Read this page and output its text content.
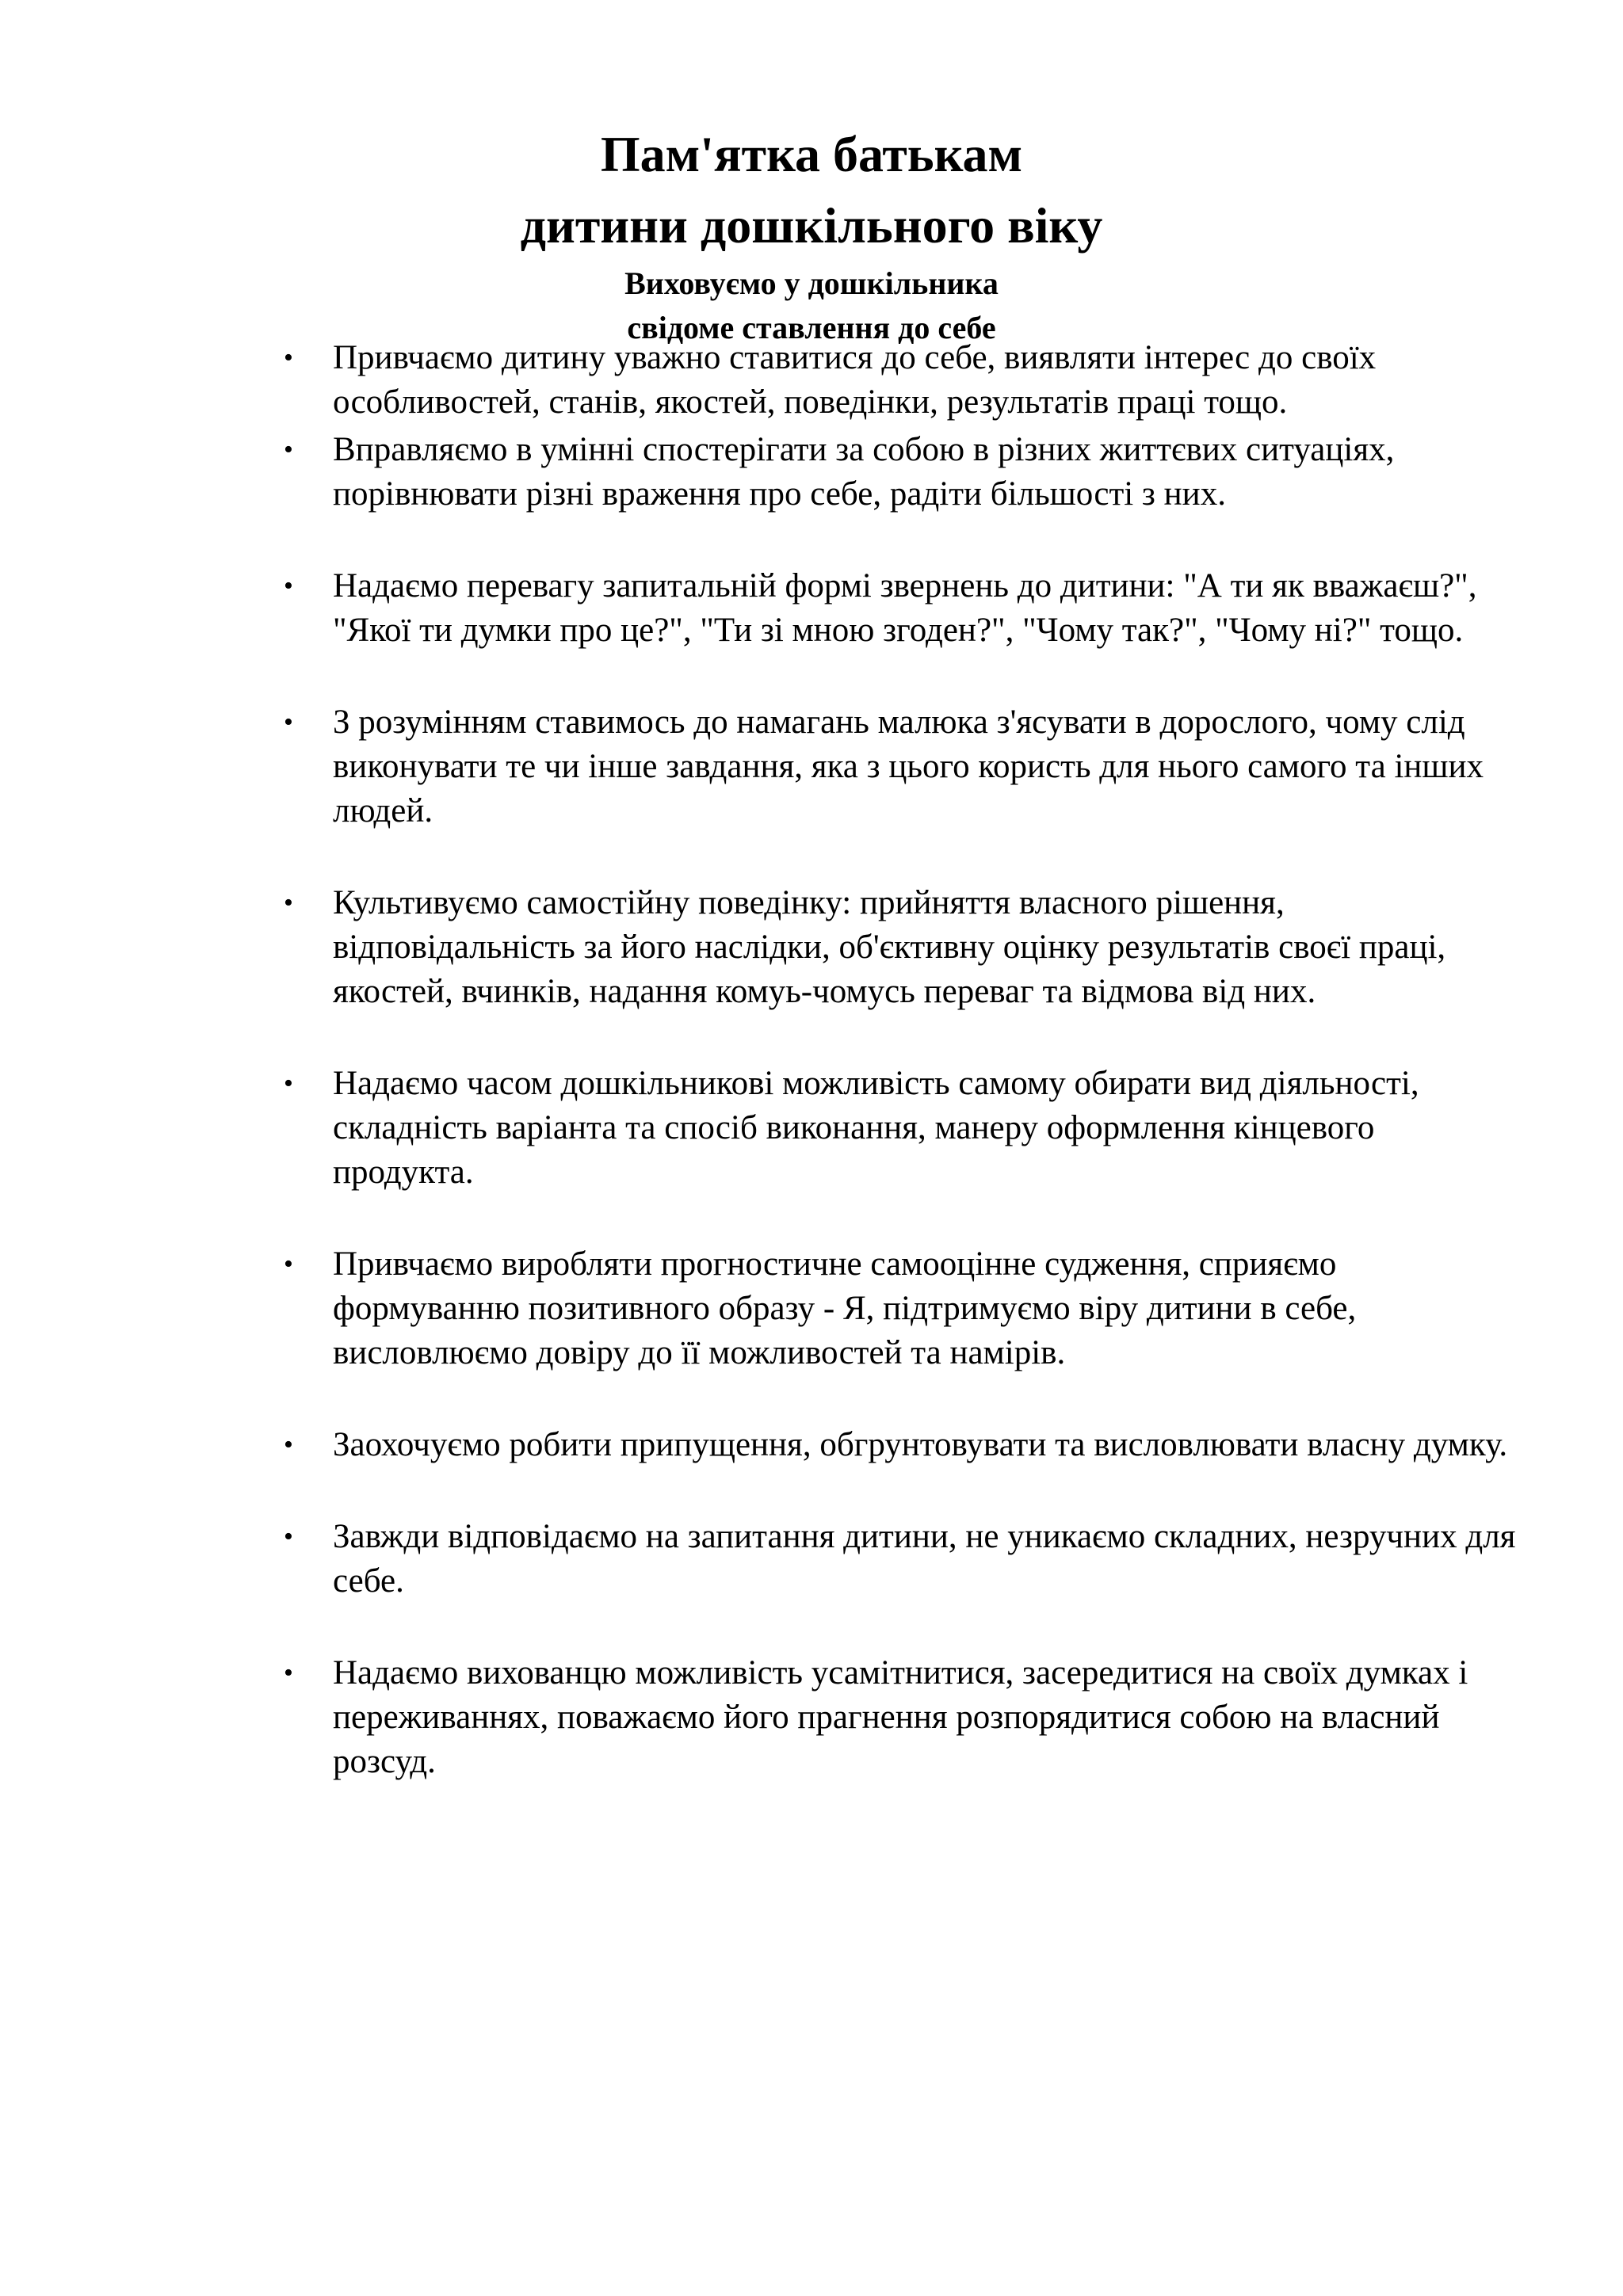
Пам'ятка батькам
дитини дошкільного віку
Виховуємо у дошкільника
свідоме ставлення до себе
• Привчаємо дитину уважно ставитися до себе, виявляти інтерес до своїх особливостей, станів, якостей, поведінки, результатів праці тощо.
• Вправляємо в умінні спостерігати за собою в різних життєвих ситуаціях, порівнювати різні враження про себе, радіти більшості з них.
• Надаємо перевагу запитальній формі звернень до дитини: "А ти як вважаєш?", "Якої ти думки про це?", "Ти зі мною згоден?", "Чому так?", "Чому ні?" тощо.
• З розумінням ставимось до намагань малюка з'ясувати в дорослого, чому слід виконувати те чи інше завдання, яка з цього користь для нього самого та інших людей.
• Культивуємо самостійну поведінку: прийняття власного рішення, відповідальність за його наслідки, об'єктивну оцінку результатів своєї праці, якостей, вчинків, надання комуь-чомусь переваг та відмова від них.
• Надаємо часом дошкільникові можливість самому обирати вид діяльності, складність варіанта та спосіб виконання, манеру оформлення кінцевого продукта.
• Привчаємо виробляти прогностичне самооцінне судження, сприяємо формуванню позитивного образу - Я, підтримуємо віру дитини в себе, висловлюємо довіру до її можливостей та намірів.
• Заохочуємо робити припущення, обгрунтовувати та висловлювати власну думку.
• Завжди відповідаємо на запитання дитини, не уникаємо складних, незручних для себе.
• Надаємо вихованцю можливість усамітнитися, засередитися на своїх думках і переживаннях, поважаємо його прагнення розпорядитися собою на власний розсуд.
